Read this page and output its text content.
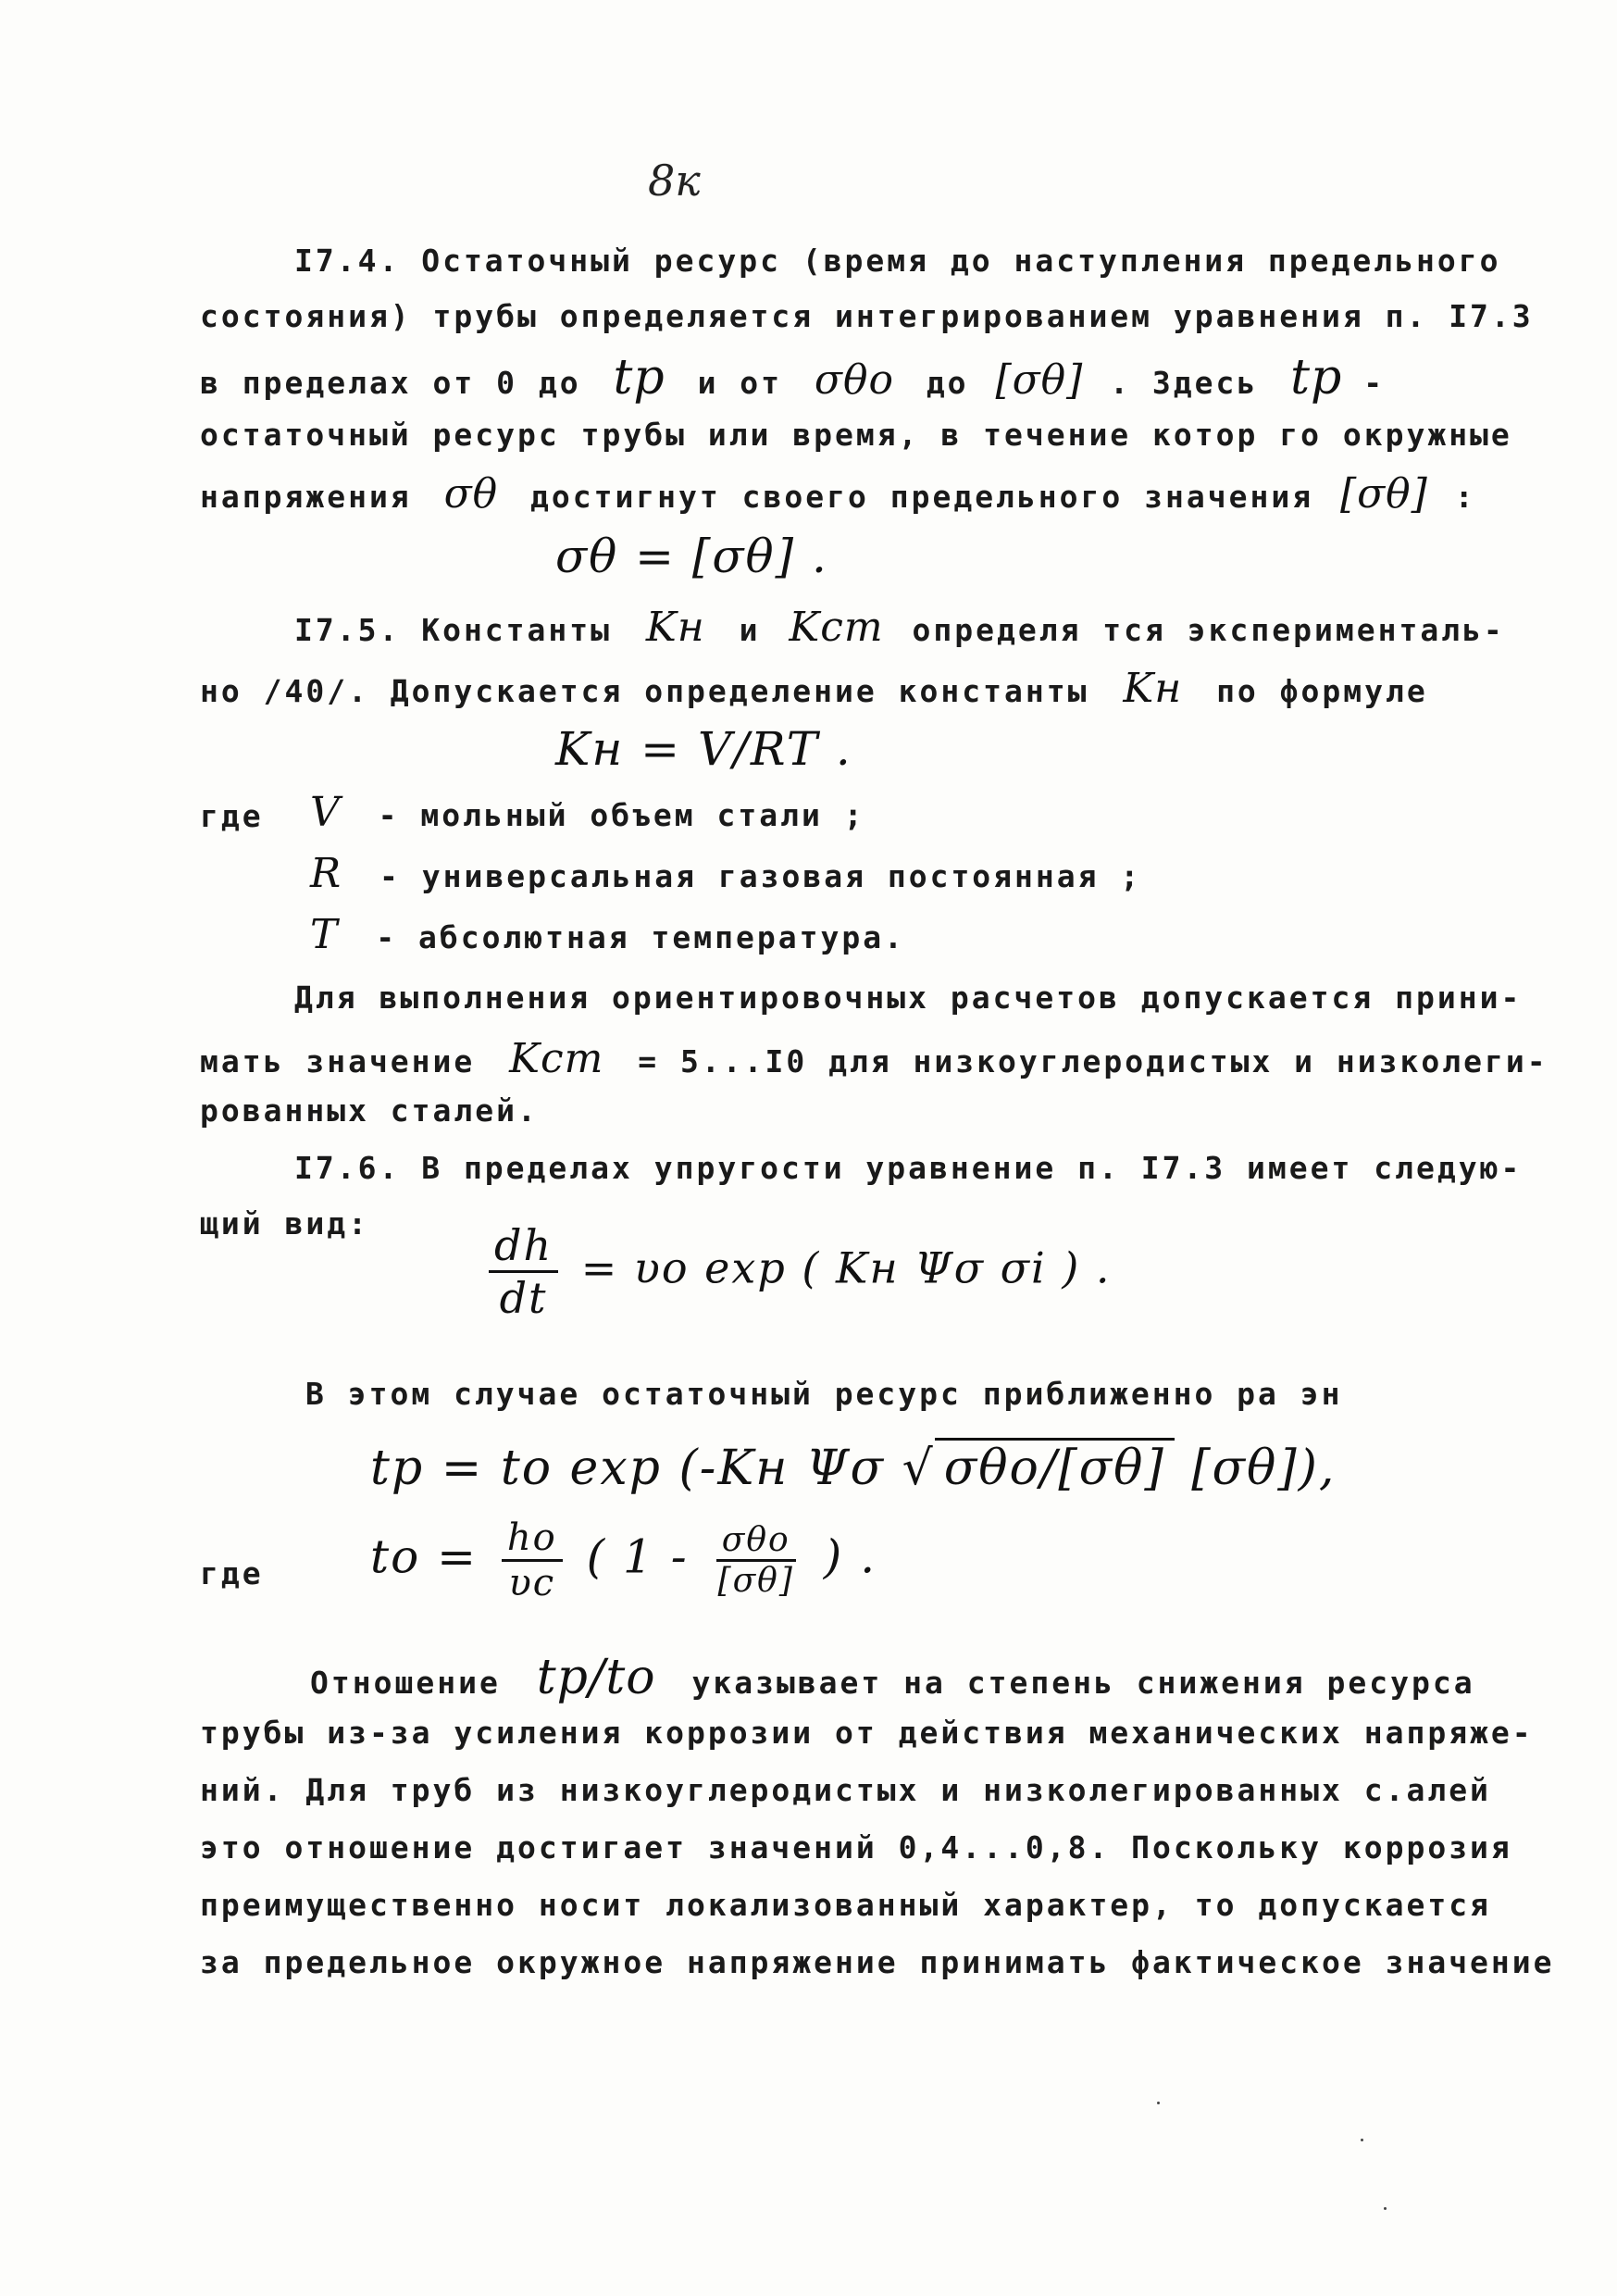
8к
I7.4. Остаточный ресурс (время до наступления предельного
состояния) трубы определяется интегрированием уравнения п. I7.3
в пределах от 0 до tp и от σθo до [σθ] . Здесь tp -
остаточный ресурс трубы или время, в течение котор го окружные
напряжения σθ достигнут своего предельного значения [σθ] :
σθ = [σθ] .
I7.5. Константы Kн и Kст определя тся эксперименталь-
но /40/. Допускается определение константы Kн по формуле
Kн = V/RT .
где V - мольный объем стали ;
R - универсальная газовая постоянная ;
T - абсолютная температура.
Для выполнения ориентировочных расчетов допускается прини-
мать значение Kст = 5...I0 для низкоуглеродистых и низколеги-
рованных сталей.
I7.6. В пределах упругости уравнение п. I7.3 имеет следую-
щий вид:	$\frac{dh}{dt} = \upsilon o$ exp ( Kн Ψσ σi ) .
В этом случае остаточный ресурс приближенно ра эн
tp = to exp (-Kн Ψσ √ σθo/[σθ] [σθ]),
где to = $\frac{ho}{\upsilon c}$ ( $1 - \frac{\text{σθo}}{[\sigma\theta]}$ ) .
Отношение tp/to указывает на степень снижения ресурса
трубы из-за усиления коррозии от действия механических напряже-
ний. Для труб из низкоуглеродистых и низколегированных с.алей
это отношение достигает значений 0,4...0,8. Поскольку коррозия
преимущественно носит локализованный характер, то допускается
за предельное окружное напряжение принимать фактическое значение
